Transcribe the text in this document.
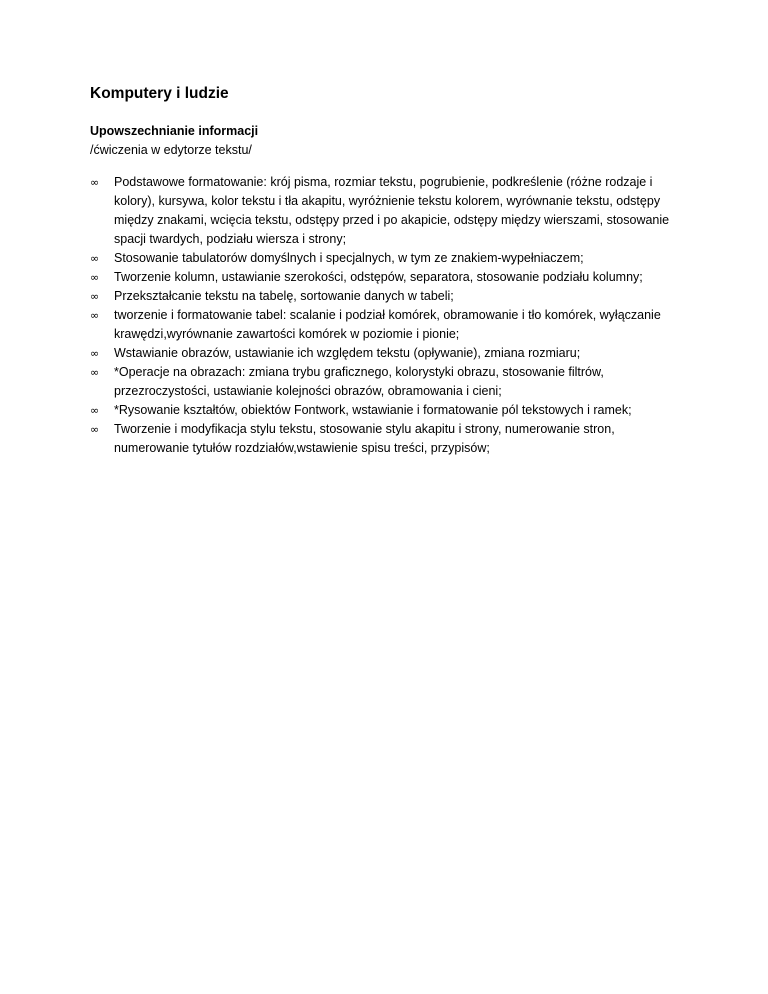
Komputery i ludzie
Upowszechnianie informacji
/ćwiczenia w edytorze tekstu/
∞	Podstawowe formatowanie: krój pisma, rozmiar tekstu, pogrubienie, podkreślenie (różne rodzaje i kolory), kursywa, kolor tekstu i tła akapitu, wyróżnienie tekstu kolorem, wyrównanie tekstu, odstępy między znakami, wcięcia tekstu, odstępy przed i po akapicie, odstępy między wierszami, stosowanie spacji twardych, podziału wiersza i strony;
∞	Stosowanie tabulatorów domyślnych i specjalnych, w tym ze znakiem-wypełniaczem;
∞	Tworzenie kolumn, ustawianie szerokości, odstępów, separatora, stosowanie podziału kolumny;
∞	Przekształcanie tekstu na tabelę, sortowanie danych w tabeli;
∞	tworzenie i formatowanie tabel: scalanie i podział komórek, obramowanie i tło komórek, wyłączanie krawędzi,wyrównanie zawartości komórek w poziomie i pionie;
∞	Wstawianie obrazów, ustawianie ich względem tekstu (opływanie), zmiana rozmiaru;
∞	*Operacje na obrazach: zmiana trybu graficznego, kolorystyki obrazu, stosowanie filtrów, przezroczystości, ustawianie kolejności obrazów, obramowania i cieni;
∞	*Rysowanie kształtów, obiektów Fontwork, wstawianie i formatowanie pól tekstowych i ramek;
∞	Tworzenie i modyfikacja stylu tekstu, stosowanie stylu akapitu i strony, numerowanie stron, numerowanie tytułów rozdziałów,wstawienie spisu treści, przypisów;
